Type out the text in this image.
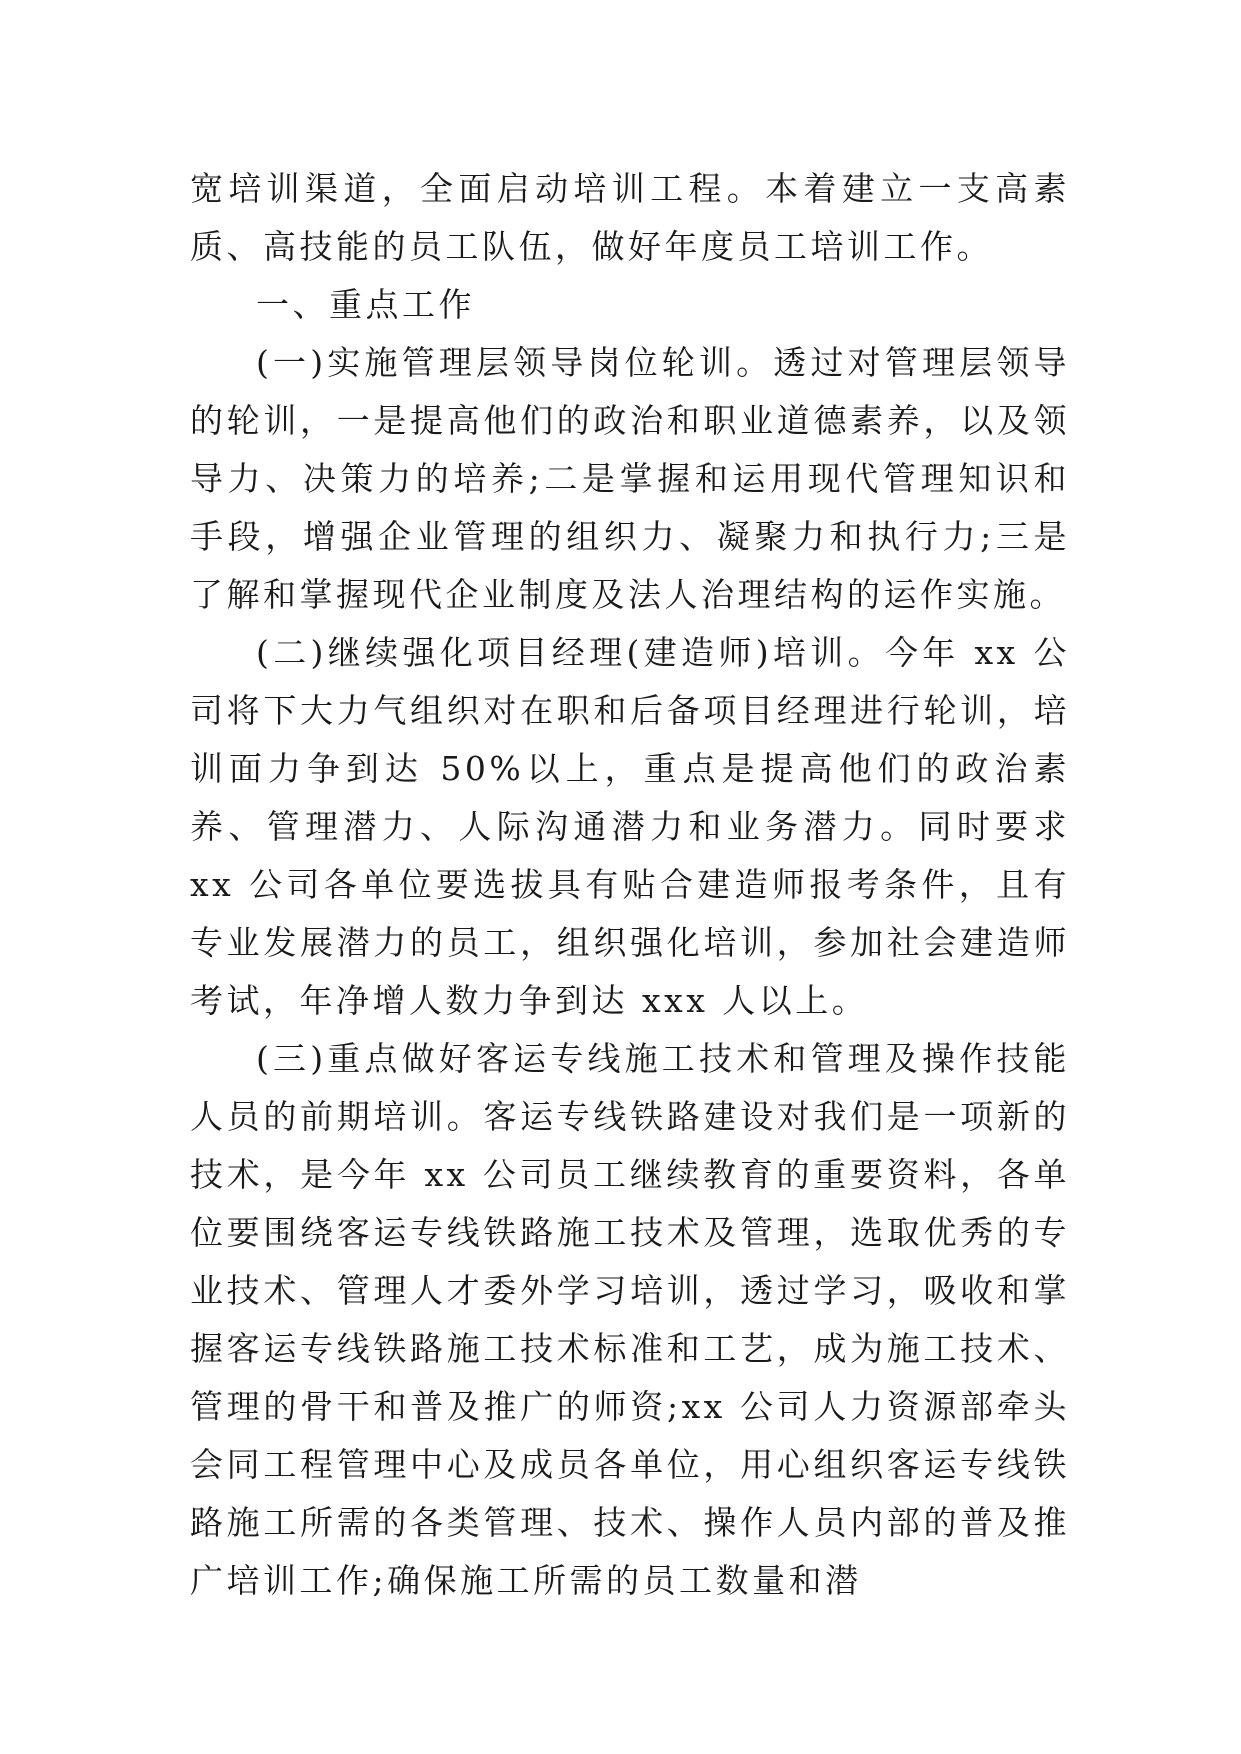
宽培训渠道，全面启动培训工程。本着建立一支高素质、高技能的员工队伍，做好年度员工培训工作。

一、重点工作

(一)实施管理层领导岗位轮训。透过对管理层领导的轮训，一是提高他们的政治和职业道德素养，以及领导力、决策力的培养;二是掌握和运用现代管理知识和手段，增强企业管理的组织力、凝聚力和执行力;三是了解和掌握现代企业制度及法人治理结构的运作实施。

(二)继续强化项目经理(建造师)培训。今年 xx 公司将下大力气组织对在职和后备项目经理进行轮训，培训面力争到达 50%以上，重点是提高他们的政治素养、管理潜力、人际沟通潜力和业务潜力。同时要求 xx 公司各单位要选拔具有贴合建造师报考条件，且有专业发展潜力的员工，组织强化培训，参加社会建造师考试，年净增人数力争到达 xxx 人以上。

(三)重点做好客运专线施工技术和管理及操作技能人员的前期培训。客运专线铁路建设对我们是一项新的技术，是今年 xx 公司员工继续教育的重要资料，各单位要围绕客运专线铁路施工技术及管理，选取优秀的专业技术、管理人才委外学习培训，透过学习，吸收和掌握客运专线铁路施工技术标准和工艺，成为施工技术、管理的骨干和普及推广的师资;xx 公司人力资源部牵头会同工程管理中心及成员各单位，用心组织客运专线铁路施工所需的各类管理、技术、操作人员内部的普及推广培训工作;确保施工所需的员工数量和潜
